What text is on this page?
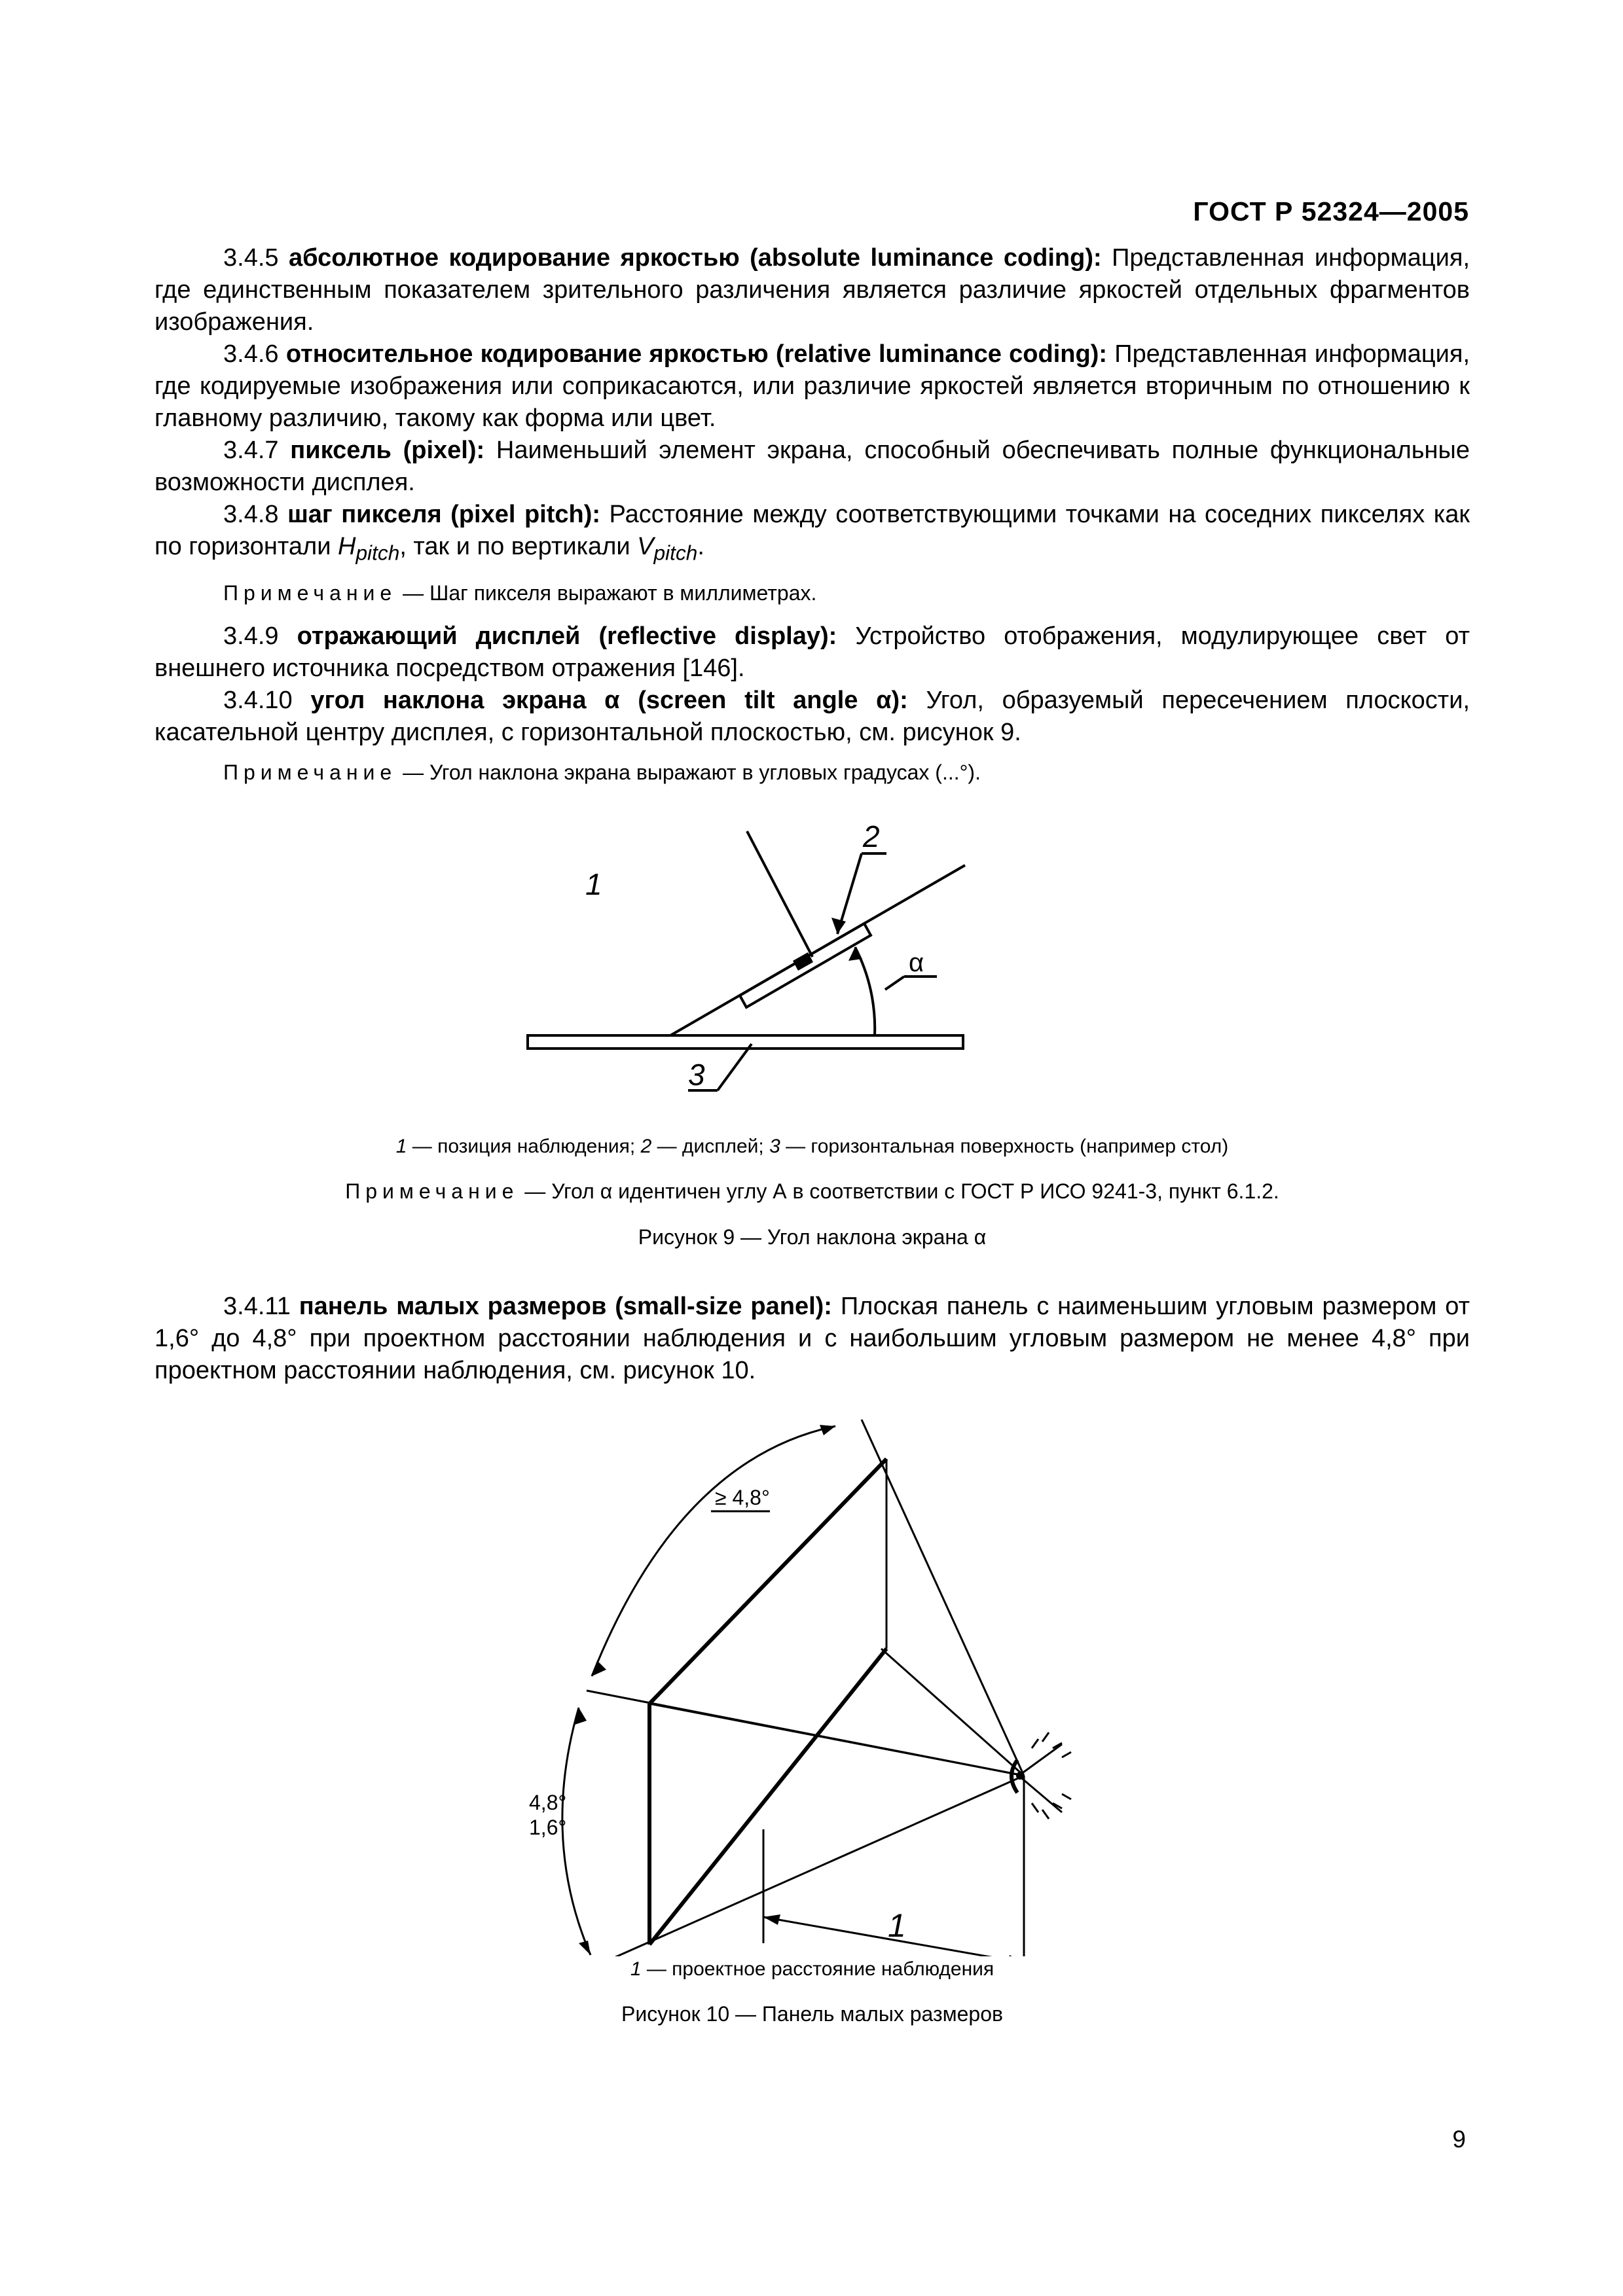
ГОСТ Р 52324—2005

3.4.5 абсолютное кодирование яркостью (absolute luminance coding): Представленная информация, где единственным показателем зрительного различения является различие яркостей отдельных фрагментов изображения.

3.4.6 относительное кодирование яркостью (relative luminance coding): Представленная информация, где кодируемые изображения или соприкасаются, или различие яркостей является вторичным по отношению к главному различию, такому как форма или цвет.

3.4.7 пиксель (pixel): Наименьший элемент экрана, способный обеспечивать полные функциональные возможности дисплея.

3.4.8 шаг пикселя (pixel pitch): Расстояние между соответствующими точками на соседних пикселях как по горизонтали $H_{pitch}$, так и по вертикали $V_{pitch}$.

Примечание — Шаг пикселя выражают в миллиметрах.

3.4.9 отражающий дисплей (reflective display): Устройство отображения, модулирующее свет от внешнего источника посредством отражения [146].

3.4.10 угол наклона экрана α (screen tilt angle α): Угол, образуемый пересечением плоскости, касательной центру дисплея, с горизонтальной плоскостью, см. рисунок 9.

Примечание — Угол наклона экрана выражают в угловых градусах (...°).

1
2
3
α

1 — позиция наблюдения; 2 — дисплей; 3 — горизонтальная поверхность (например стол)

Примечание — Угол α идентичен углу А в соответствии с ГОСТ Р ИСО 9241-3, пункт 6.1.2.

Рисунок 9 — Угол наклона экрана α

3.4.11 панель малых размеров (small-size panel): Плоская панель с наименьшим угловым размером от 1,6° до 4,8° при проектном расстоянии наблюдения и с наибольшим угловым размером не менее 4,8° при проектном расстоянии наблюдения, см. рисунок 10.

≥ 4,8°
4,8°
1,6°
1

1 — проектное расстояние наблюдения

Рисунок 10 — Панель малых размеров

9
